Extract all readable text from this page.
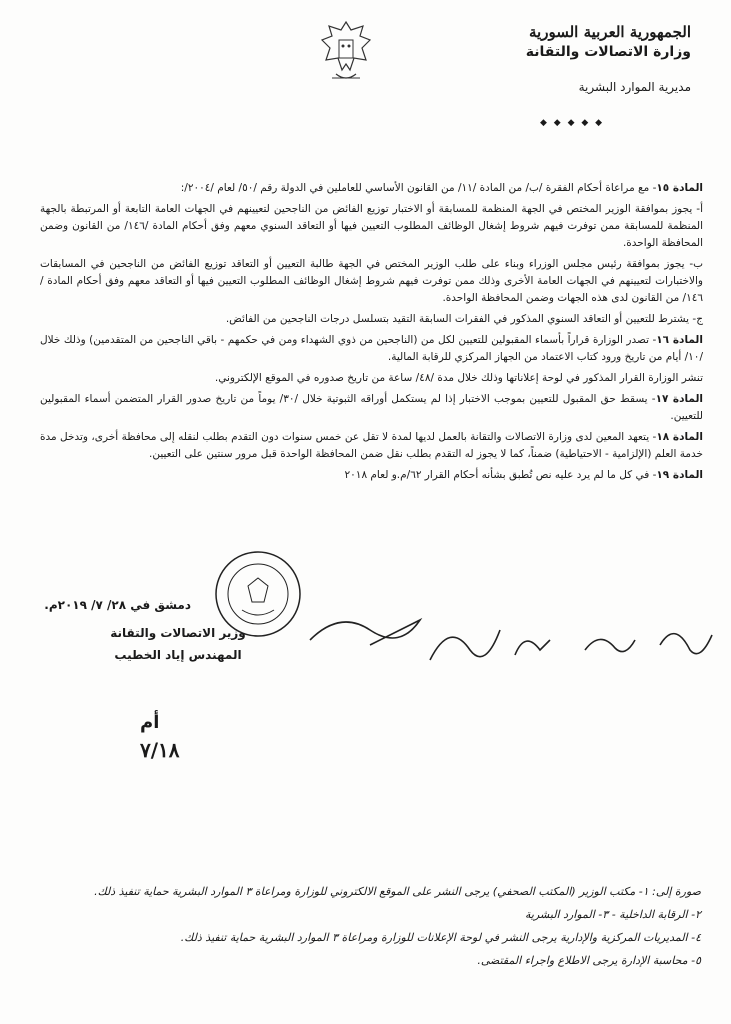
الجمهورية العربية السورية
وزارة الاتصالات والتقانة
مديرية الموارد البشرية
◆ ◆ ◆ ◆ ◆

المادة ١٥- مع مراعاة أحكام الفقرة /ب/ من المادة /١١/ من القانون الأساسي للعاملين في الدولة رقم /٥٠/ لعام /٢٠٠٤/:

أ- يجوز بموافقة الوزير المختص في الجهة المنظمة للمسابقة أو الاختبار توزيع الفائض من الناجحين لتعيينهم في الجهات العامة التابعة أو المرتبطة بالجهة المنظمة للمسابقة ممن توفرت فيهم شروط إشغال الوظائف المطلوب التعيين فيها أو التعاقد السنوي معهم وفق أحكام المادة /١٤٦/ من القانون وضمن المحافظة الواحدة.

ب- يجوز بموافقة رئيس مجلس الوزراء وبناء على طلب الوزير المختص في الجهة طالبة التعيين أو التعاقد توزيع الفائض من الناجحين في المسابقات والاختبارات لتعيينهم في الجهات العامة الأخرى وذلك ممن توفرت فيهم شروط إشغال الوظائف المطلوب التعيين فيها أو التعاقد معهم وفق أحكام المادة /١٤٦/ من القانون لدى هذه الجهات وضمن المحافظة الواحدة.

ج- يشترط للتعيين أو التعاقد السنوي المذكور في الفقرات السابقة التقيد بتسلسل درجات الناجحين من الفائض.

المادة ١٦- تصدر الوزارة قراراً بأسماء المقبولين للتعيين لكل من (الناجحين من ذوي الشهداء ومن في حكمهم - باقي الناجحين من المتقدمين) وذلك خلال /١٠/ أيام من تاريخ ورود كتاب الاعتماد من الجهاز المركزي للرقابة المالية.

تنشر الوزارة القرار المذكور في لوحة إعلاناتها وذلك خلال مدة /٤٨/ ساعة من تاريخ صدوره في الموقع الإلكتروني.

المادة ١٧- يسقط حق المقبول للتعيين بموجب الاختبار إذا لم يستكمل أوراقه الثبوتية خلال /٣٠/ يوماً من تاريخ صدور القرار المتضمن أسماء المقبولين للتعيين.

المادة ١٨- يتعهد المعين لدى وزارة الاتصالات والتقانة بالعمل لديها لمدة لا تقل عن خمس سنوات دون التقدم بطلب لنقله إلى محافظة أخرى، وتدخل مدة خدمة العلم (الإلزامية - الاحتياطية) ضمناً، كما لا يجوز له التقدم بطلب نقل ضمن المحافظة الواحدة قبل مرور سنتين على التعيين.

المادة ١٩- في كل ما لم يرد عليه نص تُطبق بشأنه أحكام القرار ٦٢/م.و لعام ٢٠١٨

دمشق في ٢٨/ ٧/ ٢٠١٩م.
وزير الاتصالات والتقانة
المهندس إياد الخطيب
أم
٧/١٨
صورة إلى: ١- مكتب الوزير (المكتب الصحفي) يرجى النشر على الموقع الالكتروني للوزارة ومراعاة ٣ الموارد البشرية حماية تنفيذ ذلك.
٢- الرقابة الداخلية - ٣- الموارد البشرية
٤- المديريات المركزية والإدارية يرجى النشر في لوحة الإعلانات للوزارة ومراعاة ٣ الموارد البشرية حماية تنفيذ ذلك.
٥- محاسبة الإدارة يرجى الاطلاع واجراء المقتضى.
